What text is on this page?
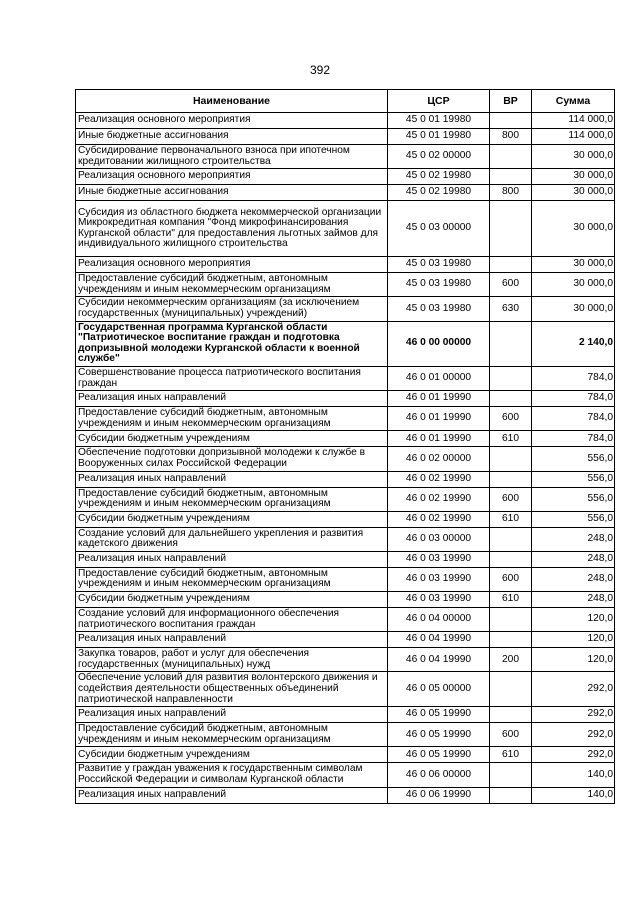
392
Наименование	ЦСР	ВР	Сумма
Реализация основного мероприятия	45 0 01 19980		114 000,0
Иные бюджетные ассигнования	45 0 01 19980	800	114 000,0
Субсидирование первоначального взноса при ипотечном кредитовании жилищного строительства	45 0 02 00000		30 000,0
Реализация основного мероприятия	45 0 02 19980		30 000,0
Иные бюджетные ассигнования	45 0 02 19980	800	30 000,0
Субсидия из областного бюджета некоммерческой организации Микрокредитная компания "Фонд микрофинансирования Курганской области" для предоставления льготных займов для индивидуального жилищного строительства	45 0 03 00000		30 000,0
Реализация основного мероприятия	45 0 03 19980		30 000,0
Предоставление субсидий бюджетным, автономным учреждениям и иным некоммерческим организациям	45 0 03 19980	600	30 000,0
Субсидии некоммерческим организациям (за исключением государственных (муниципальных) учреждений)	45 0 03 19980	630	30 000,0
Государственная программа Курганской области "Патриотическое воспитание граждан и подготовка допризывной молодежи Курганской области к военной службе"	46 0 00 00000		2 140,0
Совершенствование процесса патриотического воспитания граждан	46 0 01 00000		784,0
Реализация иных направлений	46 0 01 19990		784,0
Предоставление субсидий бюджетным, автономным учреждениям и иным некоммерческим организациям	46 0 01 19990	600	784,0
Субсидии бюджетным учреждениям	46 0 01 19990	610	784,0
Обеспечение подготовки допризывной молодежи к службе в Вооруженных силах Российской Федерации	46 0 02 00000		556,0
Реализация иных направлений	46 0 02 19990		556,0
Предоставление субсидий бюджетным, автономным учреждениям и иным некоммерческим организациям	46 0 02 19990	600	556,0
Субсидии бюджетным учреждениям	46 0 02 19990	610	556,0
Создание условий для дальнейшего укрепления и развития кадетского движения	46 0 03 00000		248,0
Реализация иных направлений	46 0 03 19990		248,0
Предоставление субсидий бюджетным, автономным учреждениям и иным некоммерческим организациям	46 0 03 19990	600	248,0
Субсидии бюджетным учреждениям	46 0 03 19990	610	248,0
Создание условий для информационного обеспечения патриотического воспитания граждан	46 0 04 00000		120,0
Реализация иных направлений	46 0 04 19990		120,0
Закупка товаров, работ и услуг для обеспечения государственных (муниципальных) нужд	46 0 04 19990	200	120,0
Обеспечение условий для развития волонтерского движения и содействия деятельности общественных объединений патриотической направленности	46 0 05 00000		292,0
Реализация иных направлений	46 0 05 19990		292,0
Предоставление субсидий бюджетным, автономным учреждениям и иным некоммерческим организациям	46 0 05 19990	600	292,0
Субсидии бюджетным учреждениям	46 0 05 19990	610	292,0
Развитие у граждан уважения к государственным символам Российской Федерации и символам Курганской области	46 0 06 00000		140,0
Реализация иных направлений	46 0 06 19990		140,0
